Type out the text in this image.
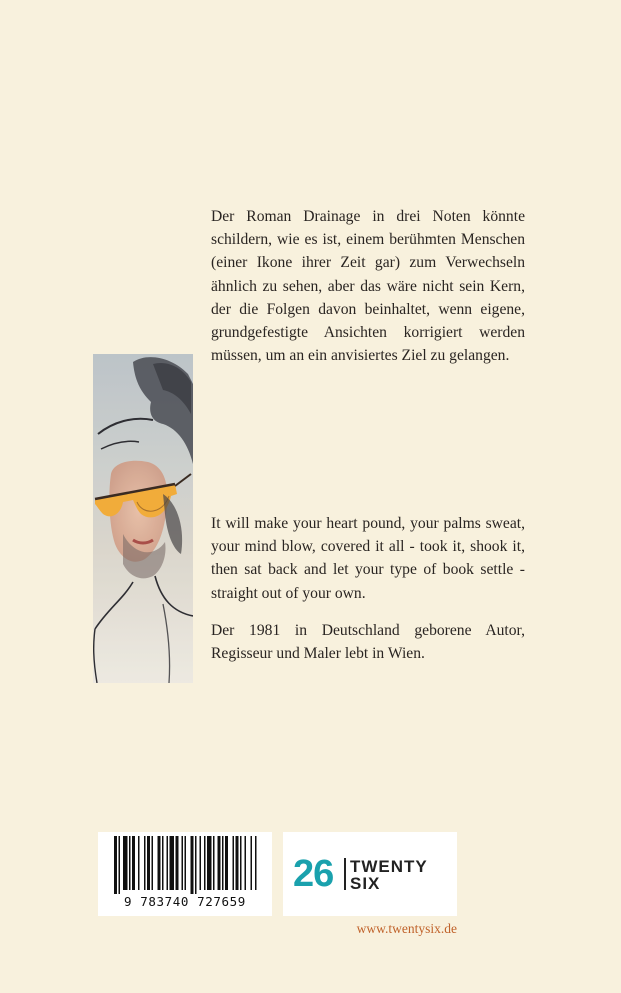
Der Roman Drainage in drei Noten könnte schildern, wie es ist, einem berühmten Menschen (einer Ikone ihrer Zeit gar) zum Verwechseln ähnlich zu sehen, aber das wäre nicht sein Kern, der die Folgen davon beinhaltet, wenn eigene, grundgefestigte Ansichten korrigiert werden müssen, um an ein anvisiertes Ziel zu gelangen.

It will make your heart pound, your palms sweat, your mind blow, covered it all - took it, shook it, then sat back and let your type of book settle - straight out of your own.

Der 1981 in Deutschland geborene Autor, Regisseur und Maler lebt in Wien.

9 783740 727659
26 TWENTY
SIX
www.twentysix.de
